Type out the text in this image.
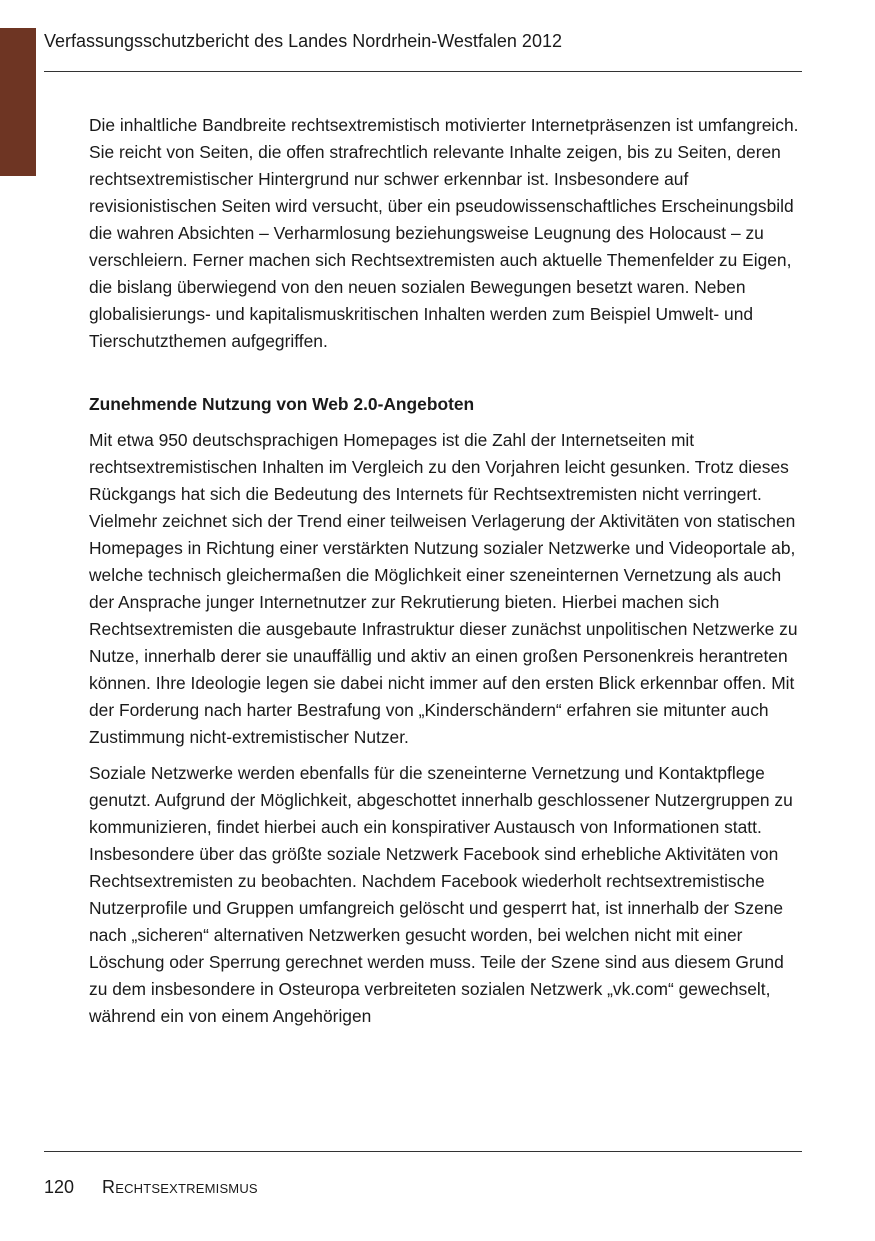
Verfassungsschutzbericht des Landes Nordrhein-Westfalen 2012

Die inhaltliche Bandbreite rechtsextremistisch motivierter Internetpräsenzen ist umfangreich. Sie reicht von Seiten, die offen strafrechtlich relevante Inhalte zeigen, bis zu Seiten, deren rechtsextremistischer Hintergrund nur schwer erkennbar ist. Insbesondere auf revisionistischen Seiten wird versucht, über ein pseudowissenschaftliches Erscheinungsbild die wahren Absichten – Verharmlosung beziehungsweise Leugnung des Holocaust – zu verschleiern. Ferner machen sich Rechtsextremisten auch aktuelle Themenfelder zu Eigen, die bislang überwiegend von den neuen sozialen Bewegungen besetzt waren. Neben globalisierungs- und kapitalismuskritischen Inhalten werden zum Beispiel Umwelt- und Tierschutzthemen aufgegriffen.

Zunehmende Nutzung von Web 2.0-Angeboten

Mit etwa 950 deutschsprachigen Homepages ist die Zahl der Internetseiten mit rechtsextremistischen Inhalten im Vergleich zu den Vorjahren leicht gesunken. Trotz dieses Rückgangs hat sich die Bedeutung des Internets für Rechtsextremisten nicht verringert. Vielmehr zeichnet sich der Trend einer teilweisen Verlagerung der Aktivitäten von statischen Homepages in Richtung einer verstärkten Nutzung sozialer Netzwerke und Videoportale ab, welche technisch gleichermaßen die Möglichkeit einer szeneinternen Vernetzung als auch der Ansprache junger Internetnutzer zur Rekrutierung bieten. Hierbei machen sich Rechtsextremisten die ausgebaute Infrastruktur dieser zunächst unpolitischen Netzwerke zu Nutze, innerhalb derer sie unauffällig und aktiv an einen großen Personenkreis herantreten können. Ihre Ideologie legen sie dabei nicht immer auf den ersten Blick erkennbar offen. Mit der Forderung nach harter Bestrafung von „Kinderschändern“ erfahren sie mitunter auch Zustimmung nicht-extremistischer Nutzer.

Soziale Netzwerke werden ebenfalls für die szeneinterne Vernetzung und Kontaktpflege genutzt. Aufgrund der Möglichkeit, abgeschottet innerhalb geschlossener Nutzergruppen zu kommunizieren, findet hierbei auch ein konspirativer Austausch von Informationen statt. Insbesondere über das größte soziale Netzwerk Facebook sind erhebliche Aktivitäten von Rechtsextremisten zu beobachten. Nachdem Facebook wiederholt rechtsextremistische Nutzerprofile und Gruppen umfangreich gelöscht und gesperrt hat, ist innerhalb der Szene nach „sicheren“ alternativen Netzwerken gesucht worden, bei welchen nicht mit einer Löschung oder Sperrung gerechnet werden muss. Teile der Szene sind aus diesem Grund zu dem insbesondere in Osteuropa verbreiteten sozialen Netzwerk „vk.com“ gewechselt, während ein von einem Angehörigen

120 Rechtsextremismus
